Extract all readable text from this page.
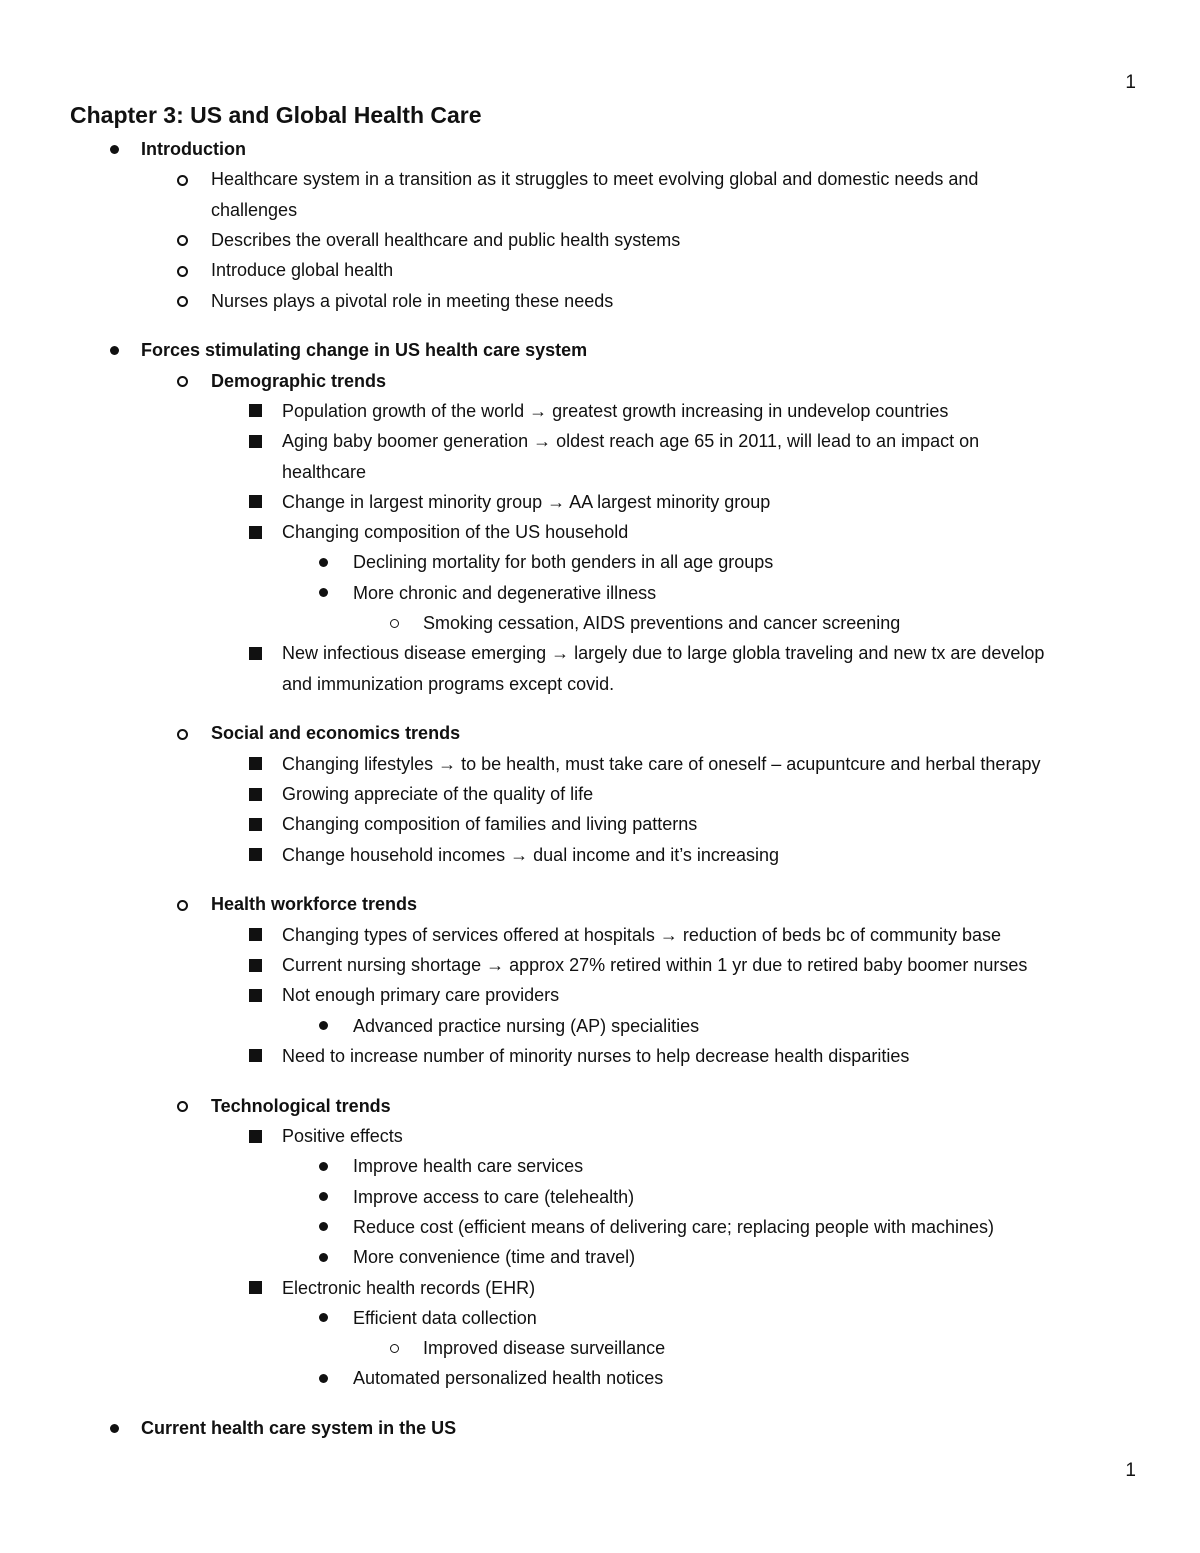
1
Chapter 3: US and Global Health Care
Introduction
Healthcare system in a transition as it struggles to meet evolving global and domestic needs and
challenges
Describes the overall healthcare and public health systems
Introduce global health
Nurses plays a pivotal role in meeting these needs
Forces stimulating change in US health care system
Demographic trends
Population growth of the world → greatest growth increasing in undevelop countries
Aging baby boomer generation → oldest reach age 65 in 2011, will lead to an impact on
healthcare
Change in largest minority group → AA largest minority group
Changing composition of the US household
Declining mortality for both genders in all age groups
More chronic and degenerative illness
Smoking cessation, AIDS preventions and cancer screening
New infectious disease emerging → largely due to large globla traveling and new tx are develop
and immunization programs except covid.
Social and economics trends
Changing lifestyles → to be health, must take care of oneself – acupuntcure and herbal therapy
Growing appreciate of the quality of life
Changing composition of families and living patterns
Change household incomes → dual income and it’s increasing
Health workforce trends
Changing types of services offered at hospitals → reduction of beds bc of community base
Current nursing shortage → approx 27% retired within 1 yr due to retired baby boomer nurses
Not enough primary care providers
Advanced practice nursing (AP) specialities
Need to increase number of minority nurses to help decrease health disparities
Technological trends
Positive effects
Improve health care services
Improve access to care (telehealth)
Reduce cost (efficient means of delivering care; replacing people with machines)
More convenience (time and travel)
Electronic health records (EHR)
Efficient data collection
Improved disease surveillance
Automated personalized health notices
Current health care system in the US
1
